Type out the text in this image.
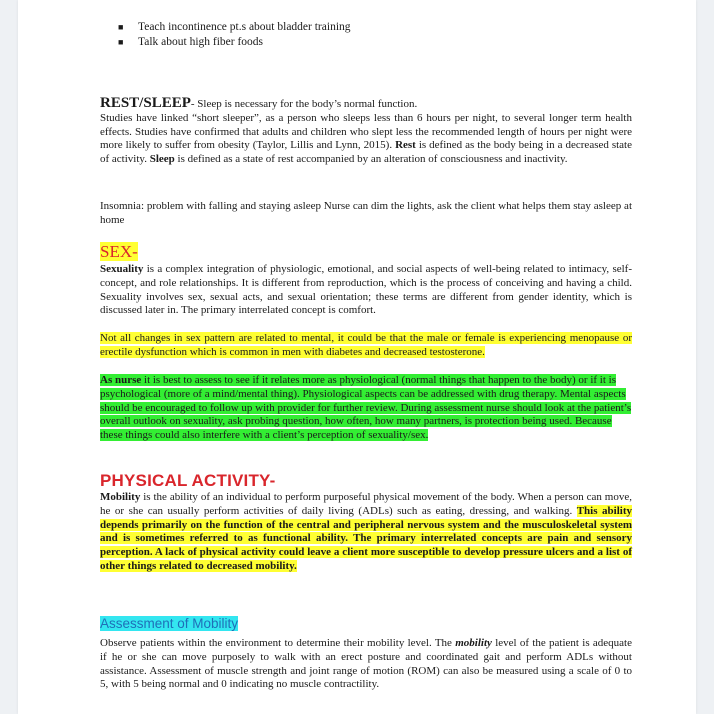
■ Teach incontinence pt.s about bladder training
■ Talk about high fiber foods
REST/SLEEP- Sleep is necessary for the body’s normal function.
Studies have linked “short sleeper”, as a person who sleeps less than 6 hours per night, to several longer term health effects. Studies have confirmed that adults and children who slept less the recommended length of hours per night were more likely to suffer from obesity (Taylor, Lillis and Lynn, 2015). Rest is defined as the body being in a decreased state of activity. Sleep is defined as a state of rest accompanied by an alteration of consciousness and inactivity.
Insomnia: problem with falling and staying asleep Nurse can dim the lights, ask the client what helps them stay asleep at home
SEX-
Sexuality is a complex integration of physiologic, emotional, and social aspects of well-being related to intimacy, self-concept, and role relationships. It is different from reproduction, which is the process of conceiving and having a child. Sexuality involves sex, sexual acts, and sexual orientation; these terms are different from gender identity, which is discussed later in. The primary interrelated concept is comfort.
Not all changes in sex pattern are related to mental, it could be that the male or female is experiencing menopause or erectile dysfunction which is common in men with diabetes and decreased testosterone.
As nurse it is best to assess to see if it relates more as physiological (normal things that happen to the body) or if it is psychological (more of a mind/mental thing). Physiological aspects can be addressed with drug therapy. Mental aspects should be encouraged to follow up with provider for further review. During assessment nurse should look at the patient’s overall outlook on sexuality, ask probing question, how often, how many partners, is protection being used. Because these things could also interfere with a client’s perception of sexuality/sex.
PHYSICAL ACTIVITY-
Mobility is the ability of an individual to perform purposeful physical movement of the body. When a person can move, he or she can usually perform activities of daily living (ADLs) such as eating, dressing, and walking. This ability depends primarily on the function of the central and peripheral nervous system and the musculoskeletal system and is sometimes referred to as functional ability. The primary interrelated concepts are pain and sensory perception. A lack of physical activity could leave a client more susceptible to develop pressure ulcers and a list of other things related to decreased mobility.
Assessment of Mobility
Observe patients within the environment to determine their mobility level. The mobility level of the patient is adequate if he or she can move purposely to walk with an erect posture and coordinated gait and perform ADLs without assistance. Assessment of muscle strength and joint range of motion (ROM) can also be measured using a scale of 0 to 5, with 5 being normal and 0 indicating no muscle contractility.
